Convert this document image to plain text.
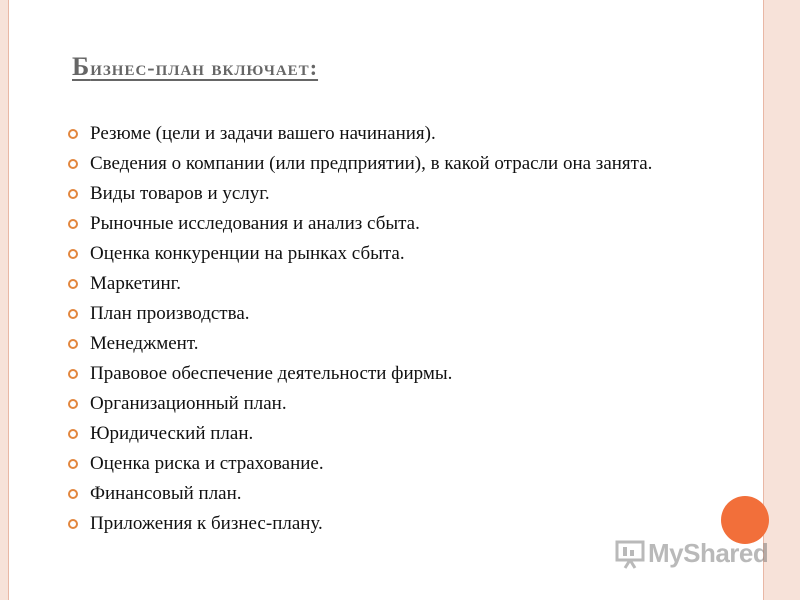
Бизнес-план включает:
Резюме (цели и задачи вашего начинания).
Сведения о компании (или предприятии), в какой отрасли она занята.
Виды товаров и услуг.
Рыночные исследования и анализ сбыта.
Оценка конкуренции на рынках сбыта.
Маркетинг.
План производства.
Менеджмент.
Правовое обеспечение деятельности фирмы.
Организационный план.
Юридический план.
Оценка риска и страхование.
Финансовый план.
Приложения к бизнес-плану.
MyShared
